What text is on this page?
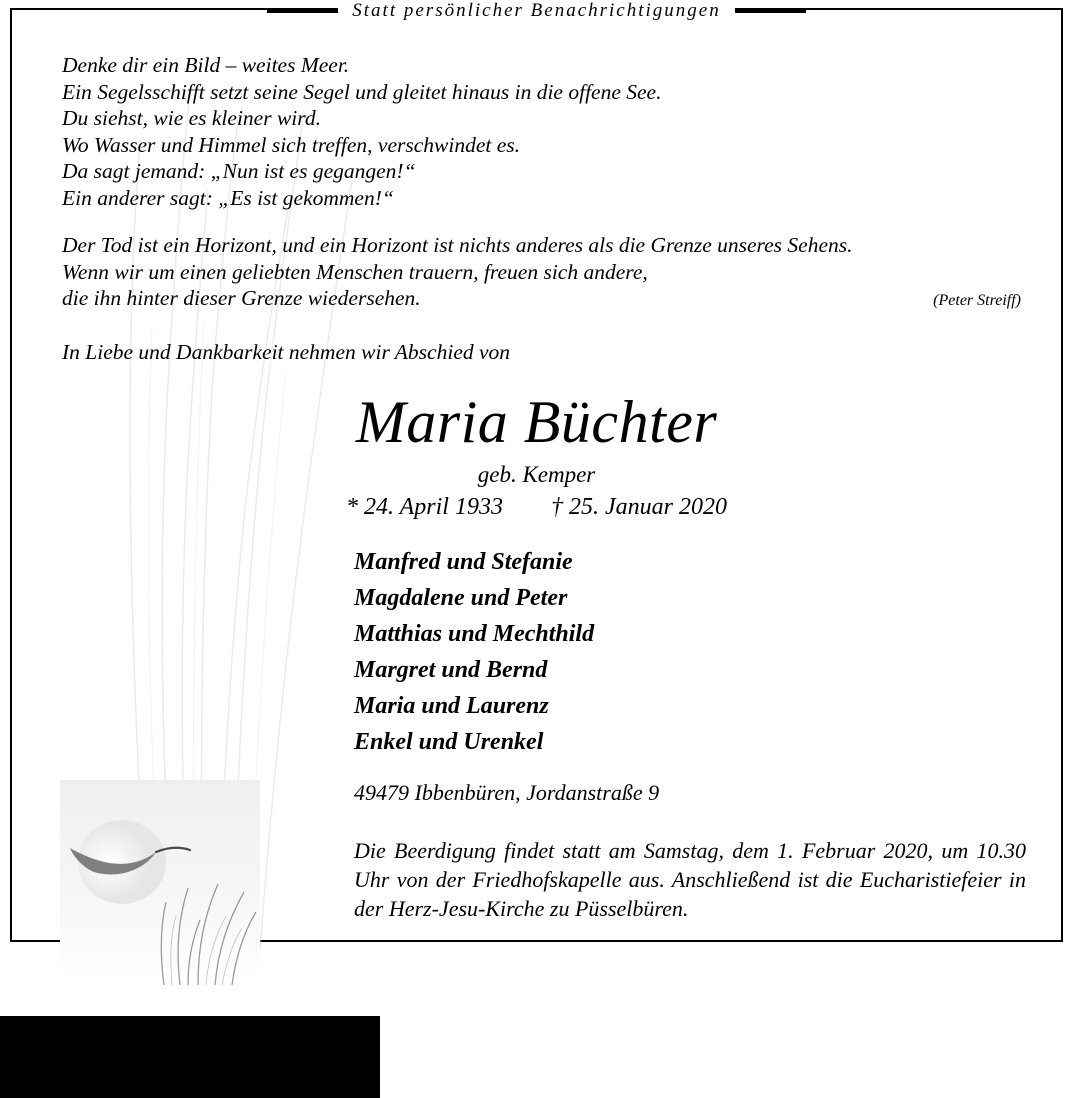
Statt persönlicher Benachrichtigungen
Denke dir ein Bild – weites Meer.
Ein Segelsschifft setzt seine Segel und gleitet hinaus in die offene See.
Du siehst, wie es kleiner wird.
Wo Wasser und Himmel sich treffen, verschwindet es.
Da sagt jemand: „Nun ist es gegangen!“
Ein anderer sagt: „Es ist gekommen!“
Der Tod ist ein Horizont, und ein Horizont ist nichts anderes als die Grenze unseres Sehens.
Wenn wir um einen geliebten Menschen trauern, freuen sich andere,
die ihn hinter dieser Grenze wiedersehen.	(Peter Streiff)
In Liebe und Dankbarkeit nehmen wir Abschied von
Maria Büchter
geb. Kemper
* 24. April 1933        † 25. Januar 2020
Manfred und Stefanie
Magdalene und Peter
Matthias und Mechthild
Margret und Bernd
Maria und Laurenz
Enkel und Urenkel
49479 Ibbenbüren, Jordanstraße 9
Die Beerdigung findet statt am Samstag, dem 1. Februar 2020, um 10.30 Uhr von der Friedhofskapelle aus. Anschließend ist die Eucharistiefeier in der Herz-Jesu-Kirche zu Püsselbüren.
